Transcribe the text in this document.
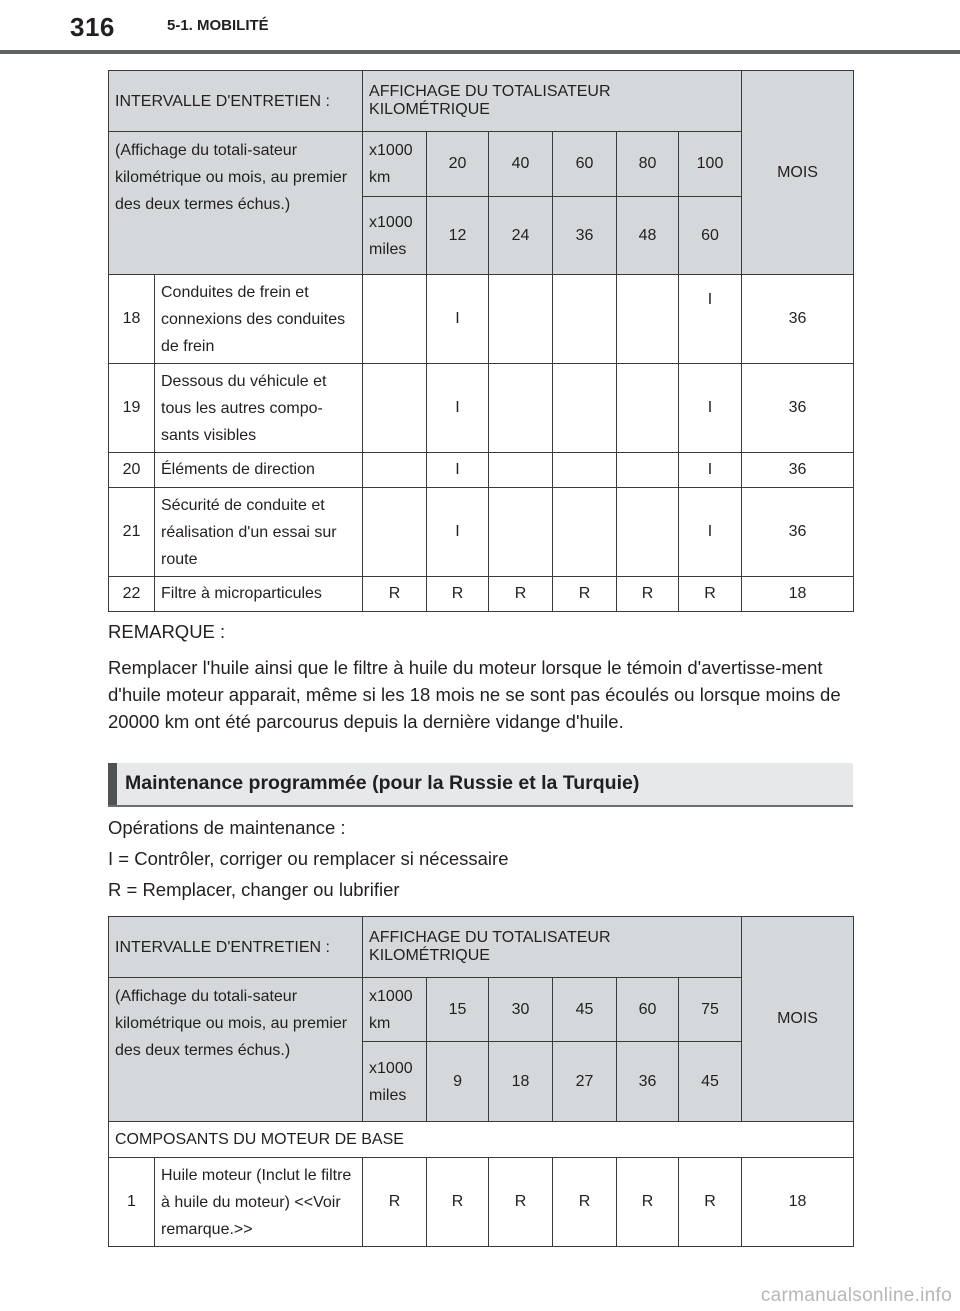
316	5-1. MOBILITÉ
INTERVALLE D'ENTRETIEN :		AFFICHAGE DU TOTALISATEUR KILOMÉTRIQUE						MOIS
(Affichage du totali-sateur kilométrique ou mois, au premier des deux termes échus.)		x1000 km	20	40	60	80	100	
		x1000 miles	12	24	36	48	60	
18	Conduites de frein et connexions des conduites de frein		I				I	36
19	Dessous du véhicule et tous les autres compo-sants visibles		I				I	36
20	Éléments de direction		I				I	36
21	Sécurité de conduite et réalisation d'un essai sur route		I				I	36
22	Filtre à microparticules	R	R	R	R	R	R	18
REMARQUE :
Remplacer l'huile ainsi que le filtre à huile du moteur lorsque le témoin d'avertisse-ment d'huile moteur apparait, même si les 18 mois ne se sont pas écoulés ou lorsque moins de 20000 km ont été parcourus depuis la dernière vidange d'huile.
Maintenance programmée (pour la Russie et la Turquie)
Opérations de maintenance :
I = Contrôler, corriger ou remplacer si nécessaire
R = Remplacer, changer ou lubrifier
INTERVALLE D'ENTRETIEN :		AFFICHAGE DU TOTALISATEUR KILOMÉTRIQUE						MOIS
(Affichage du totali-sateur kilométrique ou mois, au premier des deux termes échus.)		x1000 km	15	30	45	60	75	
		x1000 miles	9	18	27	36	45	
COMPOSANTS DU MOTEUR DE BASE								
1	Huile moteur (Inclut le filtre à huile du moteur) <<Voir remarque.>>	R	R	R	R	R	R	18
carmanualsonline.info
